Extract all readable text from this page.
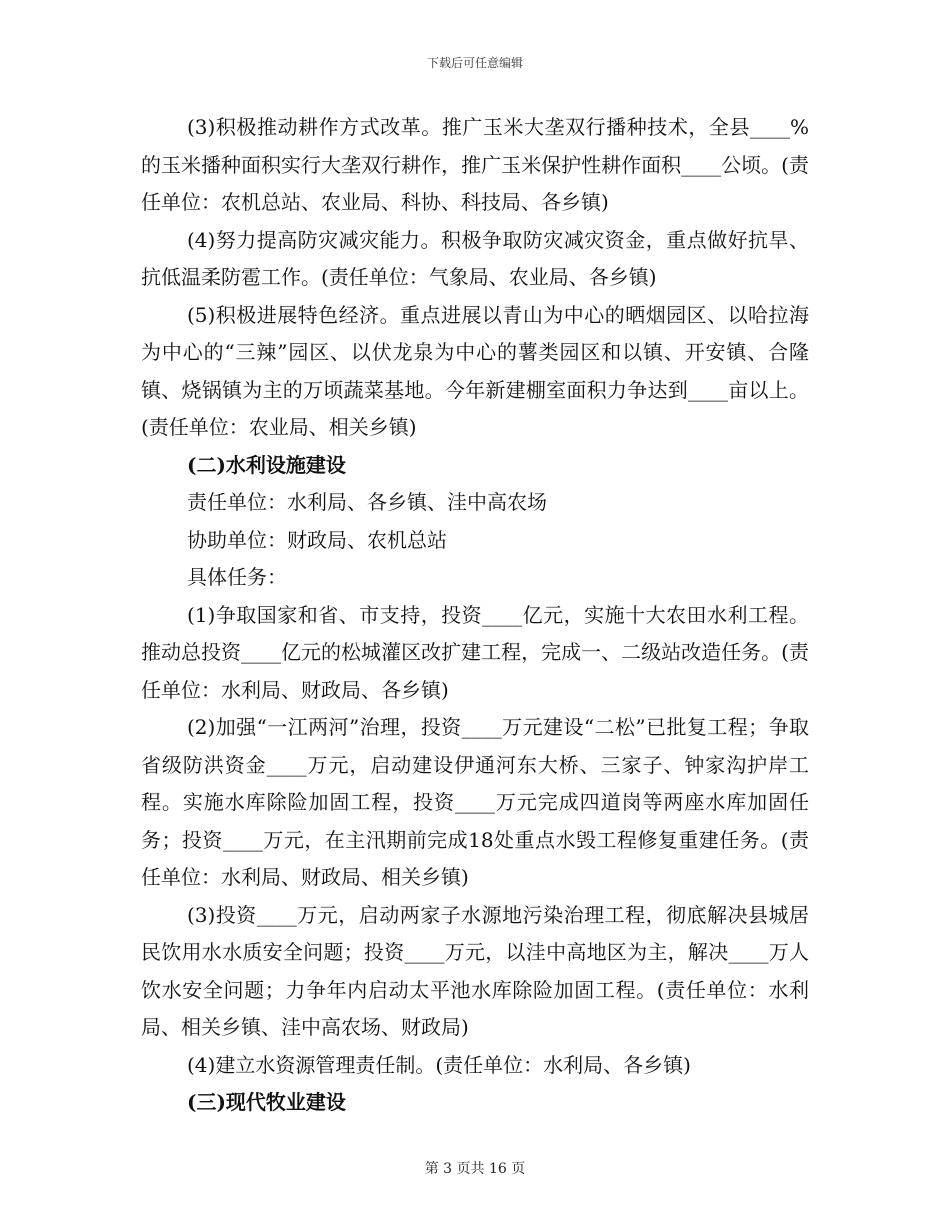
下载后可任意编辑

(3)积极推动耕作方式改革。推广玉米大垄双行播种技术，全县____%的玉米播种面积实行大垄双行耕作，推广玉米保护性耕作面积____公顷。(责任单位：农机总站、农业局、科协、科技局、各乡镇)

(4)努力提高防灾减灾能力。积极争取防灾减灾资金，重点做好抗旱、抗低温柔防雹工作。(责任单位：气象局、农业局、各乡镇)

(5)积极进展特色经济。重点进展以青山为中心的晒烟园区、以哈拉海为中心的“三辣”园区、以伏龙泉为中心的薯类园区和以镇、开安镇、合隆镇、烧锅镇为主的万顷蔬菜基地。今年新建棚室面积力争达到____亩以上。(责任单位：农业局、相关乡镇)

(二)水利设施建设

责任单位：水利局、各乡镇、洼中高农场

协助单位：财政局、农机总站

具体任务：

(1)争取国家和省、市支持，投资____亿元，实施十大农田水利工程。推动总投资____亿元的松城灌区改扩建工程，完成一、二级站改造任务。(责任单位：水利局、财政局、各乡镇)

(2)加强“一江两河”治理，投资____万元建设“二松”已批复工程；争取省级防洪资金____万元，启动建设伊通河东大桥、三家子、钟家沟护岸工程。实施水库除险加固工程，投资____万元完成四道岗等两座水库加固任务；投资____万元，在主汛期前完成18处重点水毁工程修复重建任务。(责任单位：水利局、财政局、相关乡镇)

(3)投资____万元，启动两家子水源地污染治理工程，彻底解决县城居民饮用水水质安全问题；投资____万元，以洼中高地区为主，解决____万人饮水安全问题；力争年内启动太平池水库除险加固工程。(责任单位：水利局、相关乡镇、洼中高农场、财政局)

(4)建立水资源管理责任制。(责任单位：水利局、各乡镇)

(三)现代牧业建设

第 3 页共 16 页
